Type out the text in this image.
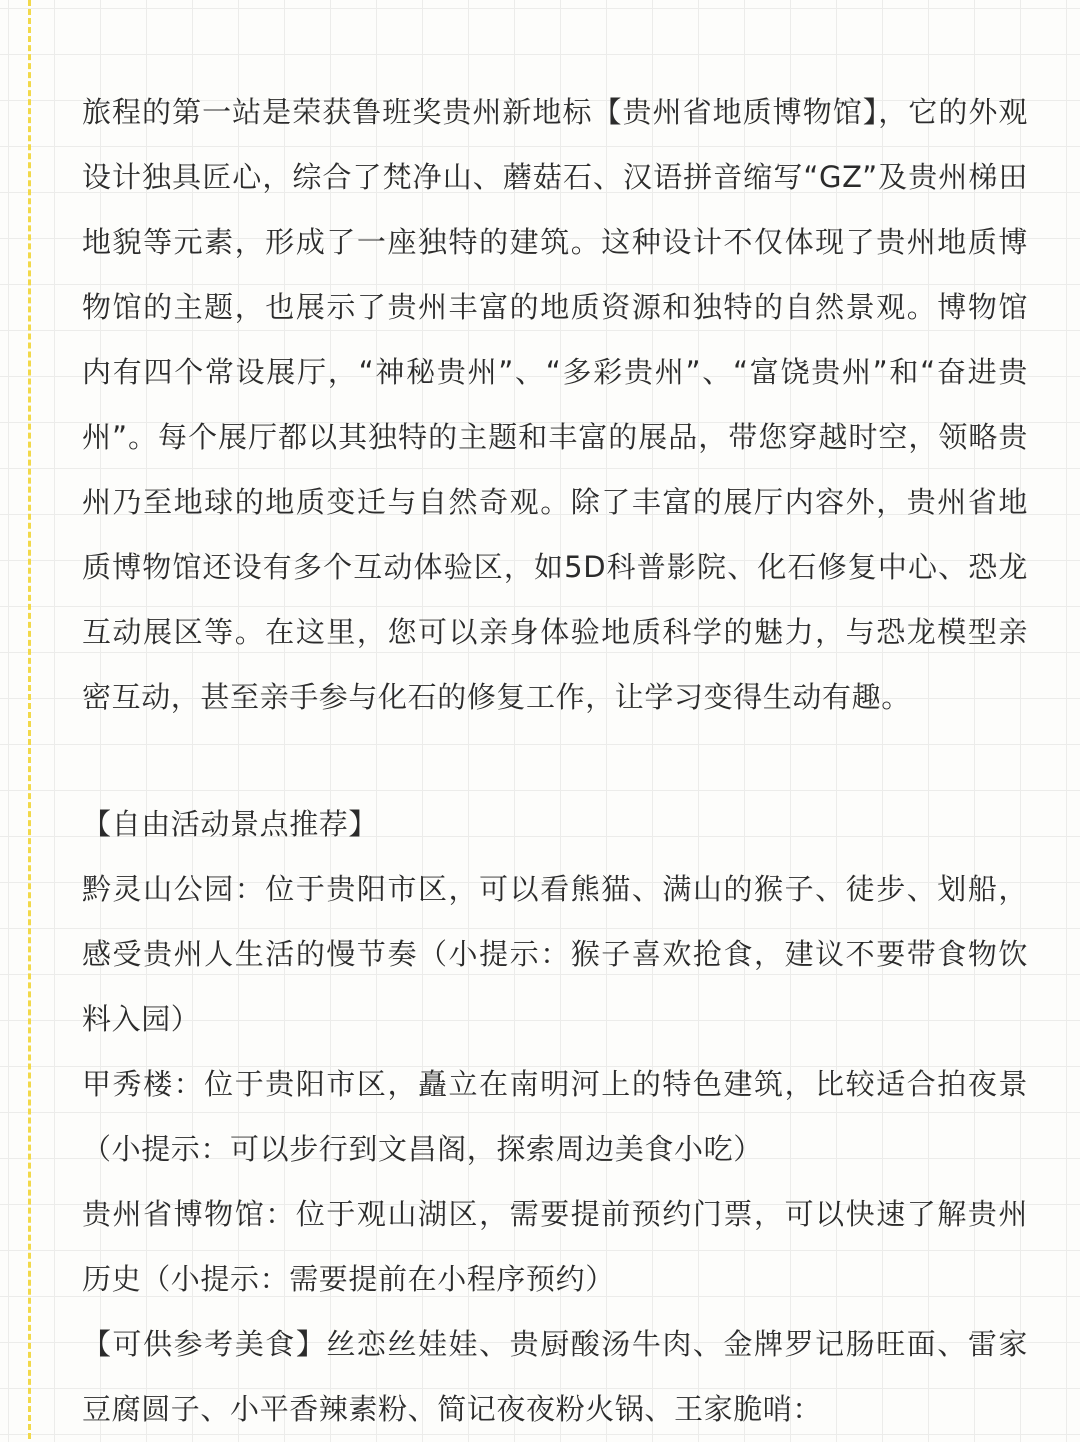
旅程的第一站是荣获鲁班奖贵州新地标【贵州省地质博物馆】，它的外观设计独具匠心，综合了梵净山、蘑菇石、汉语拼音缩写“GZ”及贵州梯田地貌等元素，形成了一座独特的建筑。这种设计不仅体现了贵州地质博物馆的主题，也展示了贵州丰富的地质资源和独特的自然景观。博物馆内有四个常设展厅，“神秘贵州”、“多彩贵州”、“富饶贵州”和“奋进贵州”。每个展厅都以其独特的主题和丰富的展品，带您穿越时空，领略贵州乃至地球的地质变迁与自然奇观。除了丰富的展厅内容外，贵州省地质博物馆还设有多个互动体验区，如5D科普影院、化石修复中心、恐龙互动展区等。在这里，您可以亲身体验地质科学的魅力，与恐龙模型亲密互动，甚至亲手参与化石的修复工作，让学习变得生动有趣。

【自由活动景点推荐】

黔灵山公园：位于贵阳市区，可以看熊猫、满山的猴子、徒步、划船，感受贵州人生活的慢节奏（小提示：猴子喜欢抢食，建议不要带食物饮料入园）

甲秀楼：位于贵阳市区，矗立在南明河上的特色建筑，比较适合拍夜景（小提示：可以步行到文昌阁，探索周边美食小吃）

贵州省博物馆：位于观山湖区，需要提前预约门票，可以快速了解贵州历史（小提示：需要提前在小程序预约）

【可供参考美食】丝恋丝娃娃、贵厨酸汤牛肉、金牌罗记肠旺面、雷家豆腐圆子、小平香辣素粉、简记夜夜粉火锅、王家脆哨：
